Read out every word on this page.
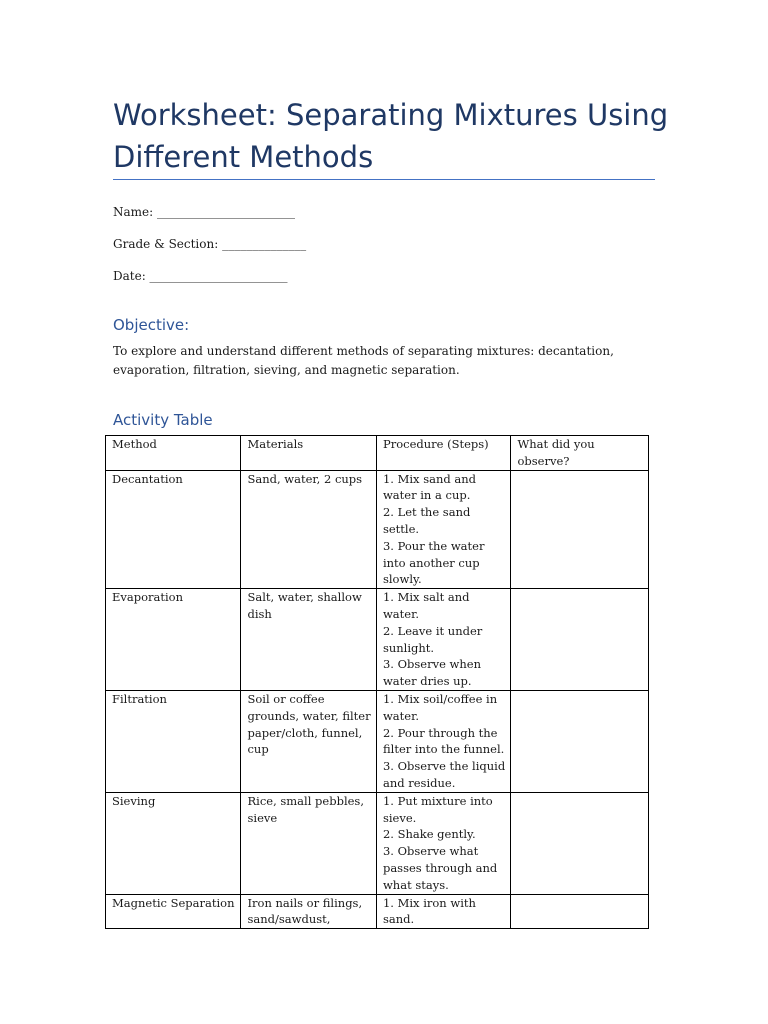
Worksheet: Separating Mixtures Using Different Methods
Name: _______________________
Grade & Section: ______________
Date: _______________________
Objective:

To explore and understand different methods of separating mixtures: decantation, evaporation, filtration, sieving, and magnetic separation.

Activity Table
Method	Materials	Procedure (Steps)	What did you observe?
Decantation	Sand, water, 2 cups	1. Mix sand and water in a cup.
2. Let the sand settle.
3. Pour the water into another cup slowly.	

Evaporation	Salt, water, shallow dish	1. Mix salt and water.
2. Leave it under sunlight.
3. Observe when water dries up.	

Filtration	Soil or coffee grounds, water, filter paper/cloth, funnel, cup	1. Mix soil/coffee in water.
2. Pour through the filter into the funnel.
3. Observe the liquid and residue.	

Sieving	Rice, small pebbles, sieve	1. Put mixture into sieve.
2. Shake gently.
3. Observe what passes through and what stays.	

Magnetic Separation	Iron nails or filings, sand/sawdust,	1. Mix iron with sand.	
